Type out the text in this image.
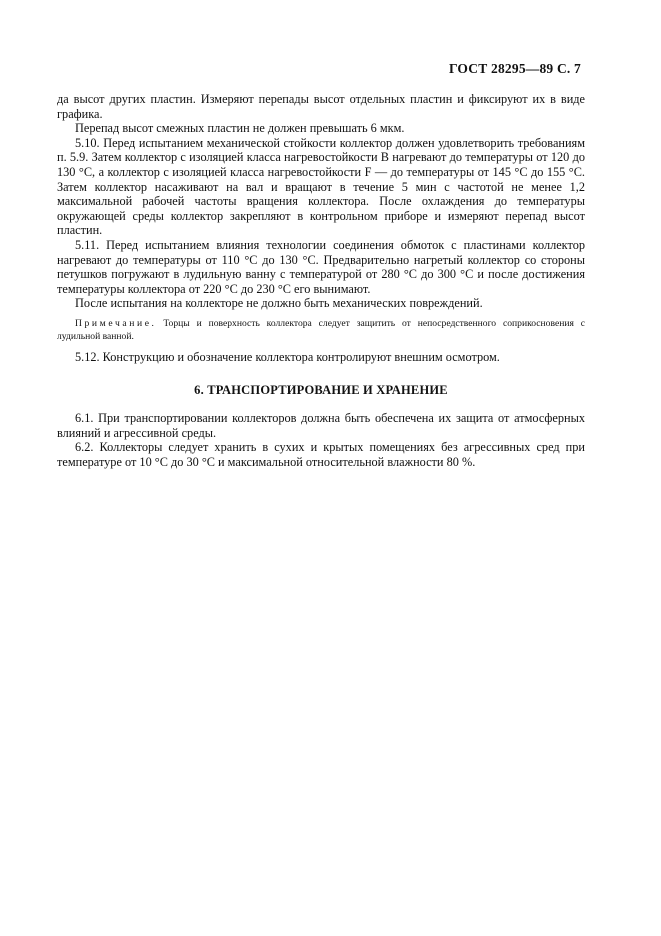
ГОСТ 28295—89 С. 7

да высот других пластин. Измеряют перепады высот отдельных пластин и фиксируют их в виде графика.

Перепад высот смежных пластин не должен превышать 6 мкм.

5.10. Перед испытанием механической стойкости коллектор должен удовлетворить требованиям п. 5.9. Затем коллектор с изоляцией класса нагревостойкости В нагревают до температуры от 120 до 130 °С, а коллектор с изоляцией класса нагревостойкости F — до температуры от 145 °С до 155 °С. Затем коллектор насаживают на вал и вращают в течение 5 мин с частотой не менее 1,2 максимальной рабочей частоты вращения коллектора. После охлаждения до температуры окружающей среды коллектор закрепляют в контрольном приборе и измеряют перепад высот пластин.

5.11. Перед испытанием влияния технологии соединения обмоток с пластинами коллектор нагревают до температуры от 110 °С до 130 °С. Предварительно нагретый коллектор со стороны петушков погружают в лудильную ванну с температурой от 280 °С до 300 °С и после достижения температуры коллектора от 220 °С до 230 °С его вынимают.

После испытания на коллекторе не должно быть механических повреждений.

Примечание. Торцы и поверхность коллектора следует защитить от непосредственного соприкосновения с лудильной ванной.

5.12. Конструкцию и обозначение коллектора контролируют внешним осмотром.

6. ТРАНСПОРТИРОВАНИЕ И ХРАНЕНИЕ

6.1. При транспортировании коллекторов должна быть обеспечена их защита от атмосферных влияний и агрессивной среды.

6.2. Коллекторы следует хранить в сухих и крытых помещениях без агрессивных сред при температуре от 10 °С до 30 °С и максимальной относительной влажности 80 %.
